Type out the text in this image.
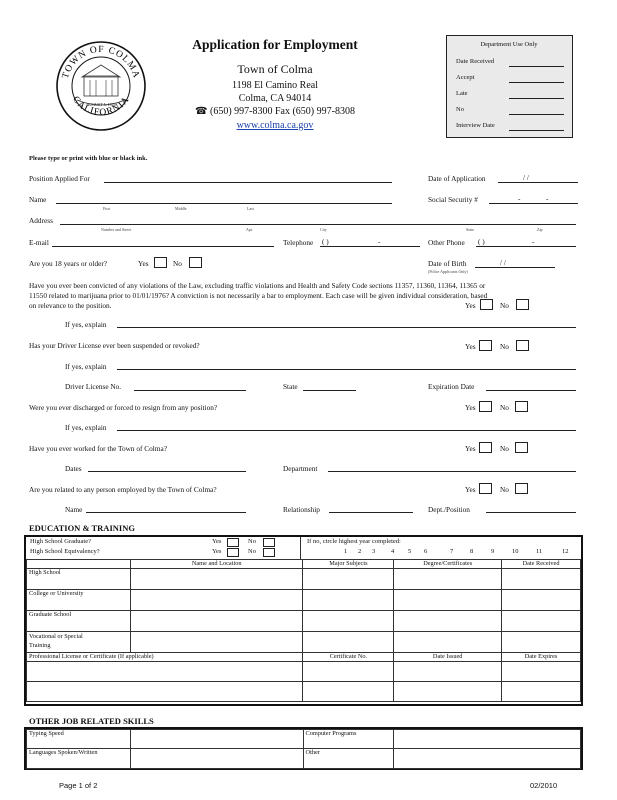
TOWN OF COLMA
CALIFORNIA
AUGUST 5, 1924
Application for Employment
Town of Colma
1198 El Camino Real
Colma, CA 94014
☎ (650) 997-8300 Fax (650) 997-8308
www.colma.ca.gov
Department Use Only
Date Received
Accept
Late
No
Interview Date
Please type or print with blue or black ink.
Position Applied For	Date of Application	/ /
Name
First	Middle	Last
Social Security #	-	-
Address
Number and Street	Apt.	City	State	Zip
E-mail	Telephone ( )	-	Other Phone ( )	-
Are you 18 years or older?	Yes	No	Date of Birth	/ /
(Police Applicants Only)
Have you ever been convicted of any violations of the Law, excluding traffic violations and Health and Safety Code sections 11357, 11360, 11364, 11365 or
11550 related to marijuana prior to 01/01/1976? A conviction is not necessarily a bar to employment. Each case will be given individual consideration, based
on relevance to the position.	Yes	No
If yes, explain
Has your Driver License ever been suspended or revoked?	Yes	No
If yes, explain
Driver License No.	State	Expiration Date
Were you ever discharged or forced to resign from any position?	Yes	No
If yes, explain
Have you ever worked for the Town of Colma?	Yes	No
Dates	Department
Are you related to any person employed by the Town of Colma?	Yes	No
Name	Relationship	Dept./Position
EDUCATION & TRAINING
High School Graduate?	Yes	No
High School Equivalency?	Yes	No
If no, circle highest year completed:
1 2 3 4 5 6	7	8	9	10	11	12
	Name and Location	Major Subjects	Degree/Certificates	Date Received
High School				
College or University				
Graduate School				
Vocational or Special Training				
Professional License or Certificate (If applicable)		Certificate No.	Date Issued	Date Expires

OTHER JOB RELATED SKILLS
Typing Speed		Computer Programs	
Languages Spoken/Written		Other	
Page 1 of 2	02/2010
